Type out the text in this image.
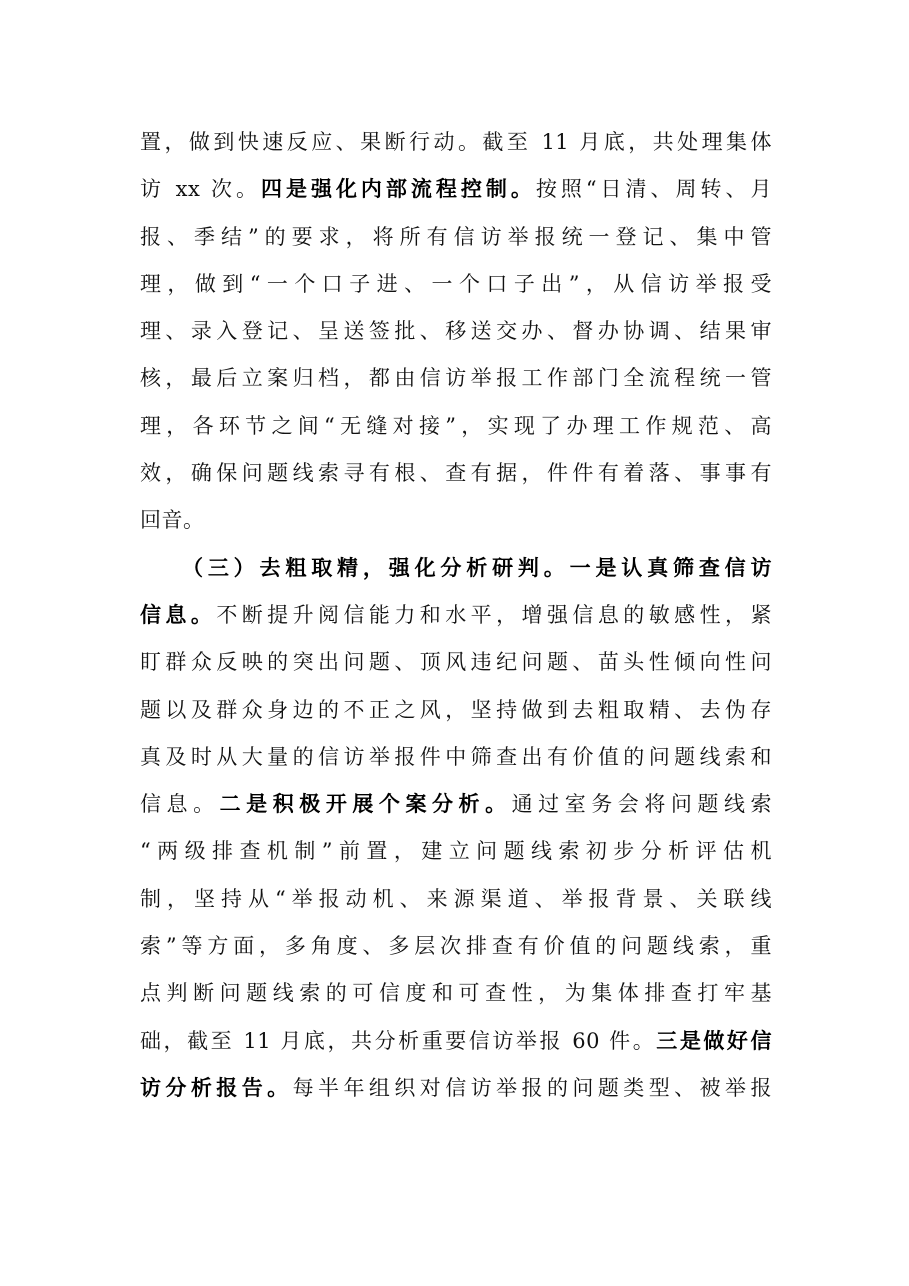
置，做到快速反应、果断行动。截至 11 月底，共处理集体
访 xx 次。四是强化内部流程控制。按照“日清、周转、月
报、季结”的要求，将所有信访举报统一登记、集中管
理，做到“一个口子进、一个口子出”，从信访举报受
理、录入登记、呈送签批、移送交办、督办协调、结果审
核，最后立案归档，都由信访举报工作部门全流程统一管
理，各环节之间“无缝对接”，实现了办理工作规范、高
效，确保问题线索寻有根、查有据，件件有着落、事事有
回音。

（三）去粗取精，强化分析研判。一是认真筛查信访
信息。不断提升阅信能力和水平，增强信息的敏感性，紧
盯群众反映的突出问题、顶风违纪问题、苗头性倾向性问
题以及群众身边的不正之风，坚持做到去粗取精、去伪存
真及时从大量的信访举报件中筛查出有价值的问题线索和
信息。二是积极开展个案分析。通过室务会将问题线索
“两级排查机制”前置，建立问题线索初步分析评估机
制，坚持从“举报动机、来源渠道、举报背景、关联线
索”等方面，多角度、多层次排查有价值的问题线索，重
点判断问题线索的可信度和可查性，为集体排查打牢基
础，截至 11 月底，共分析重要信访举报 60 件。三是做好信
访分析报告。每半年组织对信访举报的问题类型、被举报
